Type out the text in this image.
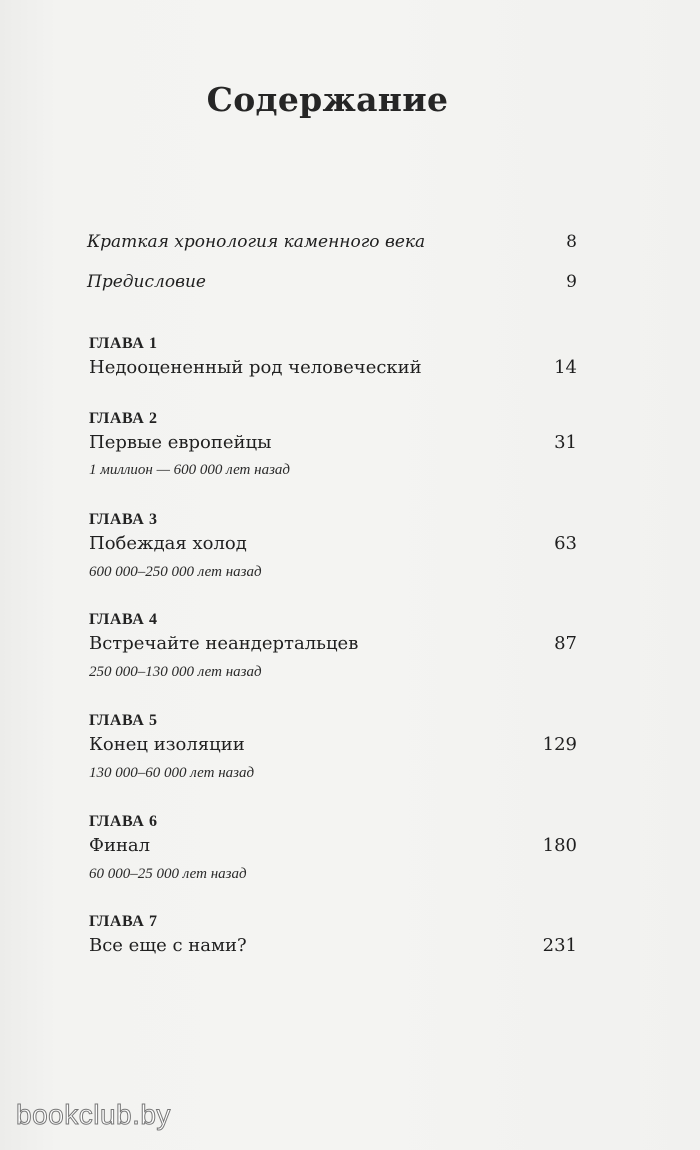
Содержание
Краткая хронология каменного века	8
Предисловие	9
ГЛАВА 1
Недооцененный род человеческий	14
ГЛАВА 2
Первые европейцы	31
1 миллион — 600 000 лет назад
ГЛАВА 3
Побеждая холод	63
600 000–250 000 лет назад
ГЛАВА 4
Встречайте неандертальцев	87
250 000–130 000 лет назад
ГЛАВА 5
Конец изоляции	129
130 000–60 000 лет назад
ГЛАВА 6
Финал	180
60 000–25 000 лет назад
ГЛАВА 7
Все еще с нами?	231
bookclub.by
